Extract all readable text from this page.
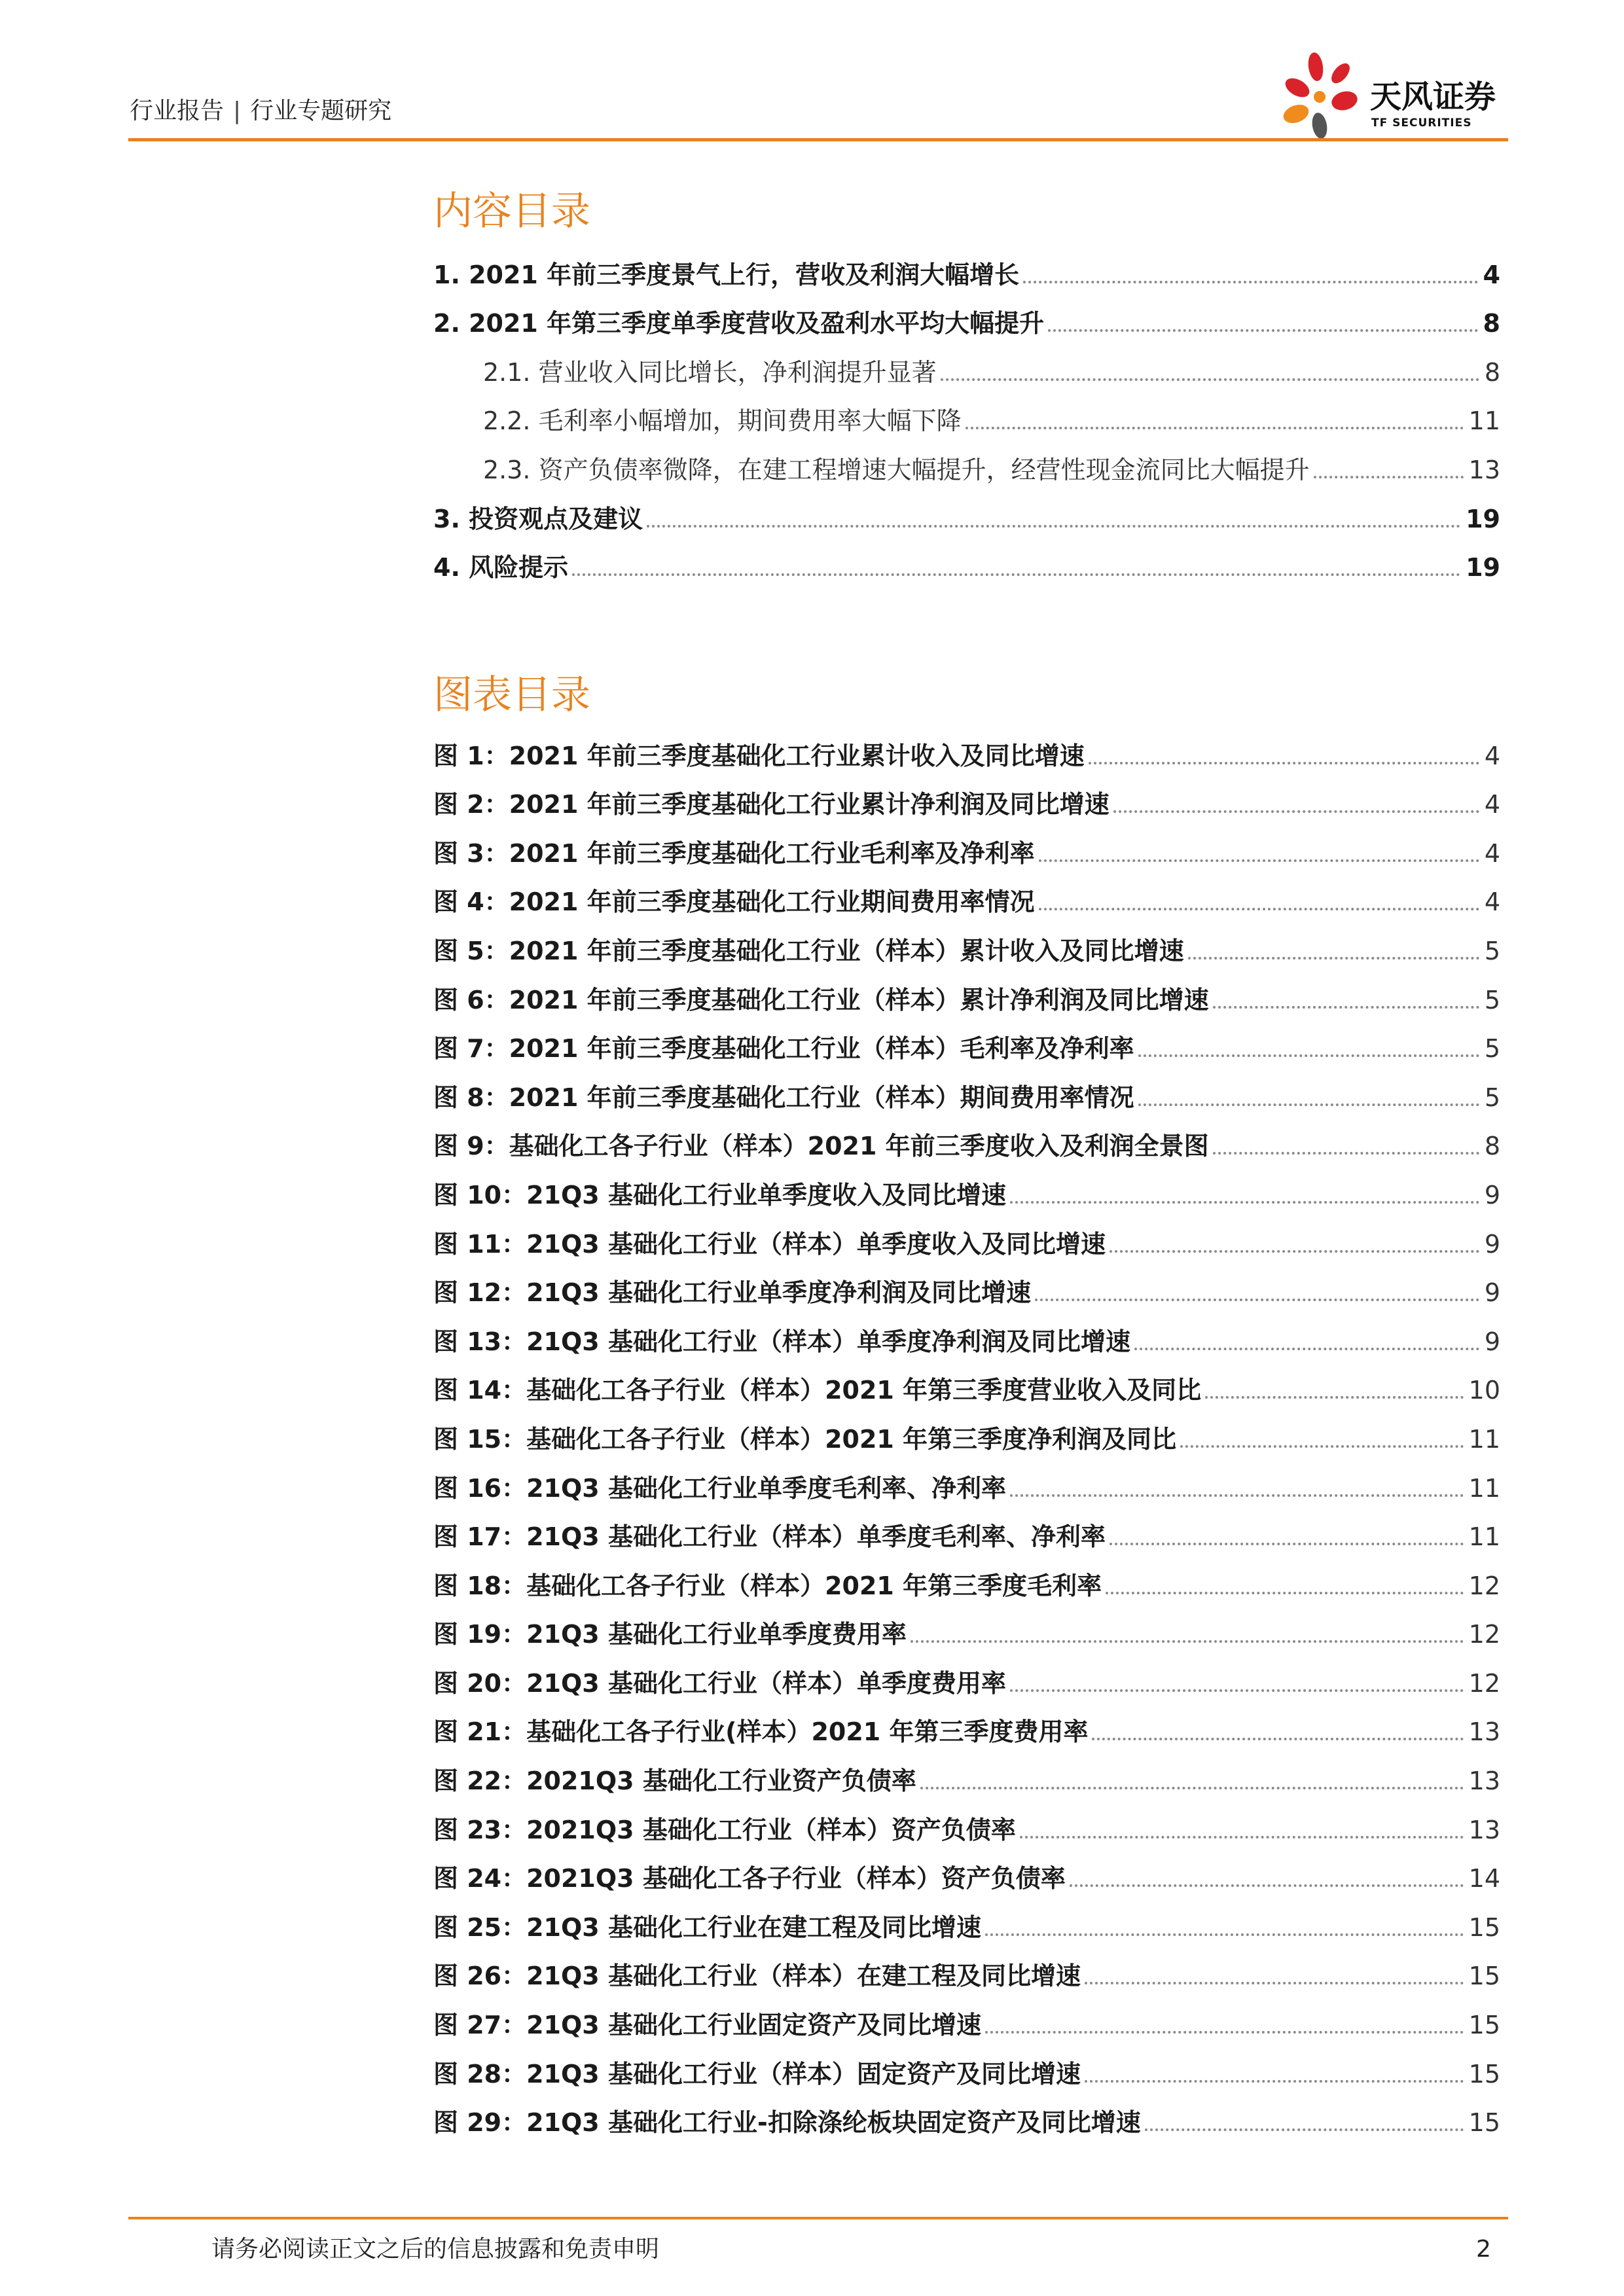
行业报告 | 行业专题研究	天风证券
TF SECURITIES
内容目录
1. 2021 年前三季度景气上行，营收及利润大幅增长	4
2. 2021 年第三季度单季度营收及盈利水平均大幅提升	8
2.1. 营业收入同比增长，净利润提升显著	8
2.2. 毛利率小幅增加，期间费用率大幅下降	11
2.3. 资产负债率微降，在建工程增速大幅提升，经营性现金流同比大幅提升	13
3. 投资观点及建议	19
4. 风险提示	19
图表目录
图 1：2021 年前三季度基础化工行业累计收入及同比增速	4
图 2：2021 年前三季度基础化工行业累计净利润及同比增速	4
图 3：2021 年前三季度基础化工行业毛利率及净利率	4
图 4：2021 年前三季度基础化工行业期间费用率情况	4
图 5：2021 年前三季度基础化工行业（样本）累计收入及同比增速	5
图 6：2021 年前三季度基础化工行业（样本）累计净利润及同比增速	5
图 7：2021 年前三季度基础化工行业（样本）毛利率及净利率	5
图 8：2021 年前三季度基础化工行业（样本）期间费用率情况	5
图 9：基础化工各子行业（样本）2021 年前三季度收入及利润全景图	8
图 10：21Q3 基础化工行业单季度收入及同比增速	9
图 11：21Q3 基础化工行业（样本）单季度收入及同比增速	9
图 12：21Q3 基础化工行业单季度净利润及同比增速	9
图 13：21Q3 基础化工行业（样本）单季度净利润及同比增速	9
图 14：基础化工各子行业（样本）2021 年第三季度营业收入及同比	10
图 15：基础化工各子行业（样本）2021 年第三季度净利润及同比	11
图 16：21Q3 基础化工行业单季度毛利率、净利率	11
图 17：21Q3 基础化工行业（样本）单季度毛利率、净利率	11
图 18：基础化工各子行业（样本）2021 年第三季度毛利率	12
图 19：21Q3 基础化工行业单季度费用率	12
图 20：21Q3 基础化工行业（样本）单季度费用率	12
图 21：基础化工各子行业(样本）2021 年第三季度费用率	13
图 22：2021Q3 基础化工行业资产负债率	13
图 23：2021Q3 基础化工行业（样本）资产负债率	13
图 24：2021Q3 基础化工各子行业（样本）资产负债率	14
图 25：21Q3 基础化工行业在建工程及同比增速	15
图 26：21Q3 基础化工行业（样本）在建工程及同比增速	15
图 27：21Q3 基础化工行业固定资产及同比增速	15
图 28：21Q3 基础化工行业（样本）固定资产及同比增速	15
图 29：21Q3 基础化工行业-扣除涤纶板块固定资产及同比增速	15
请务必阅读正文之后的信息披露和免责申明	2
